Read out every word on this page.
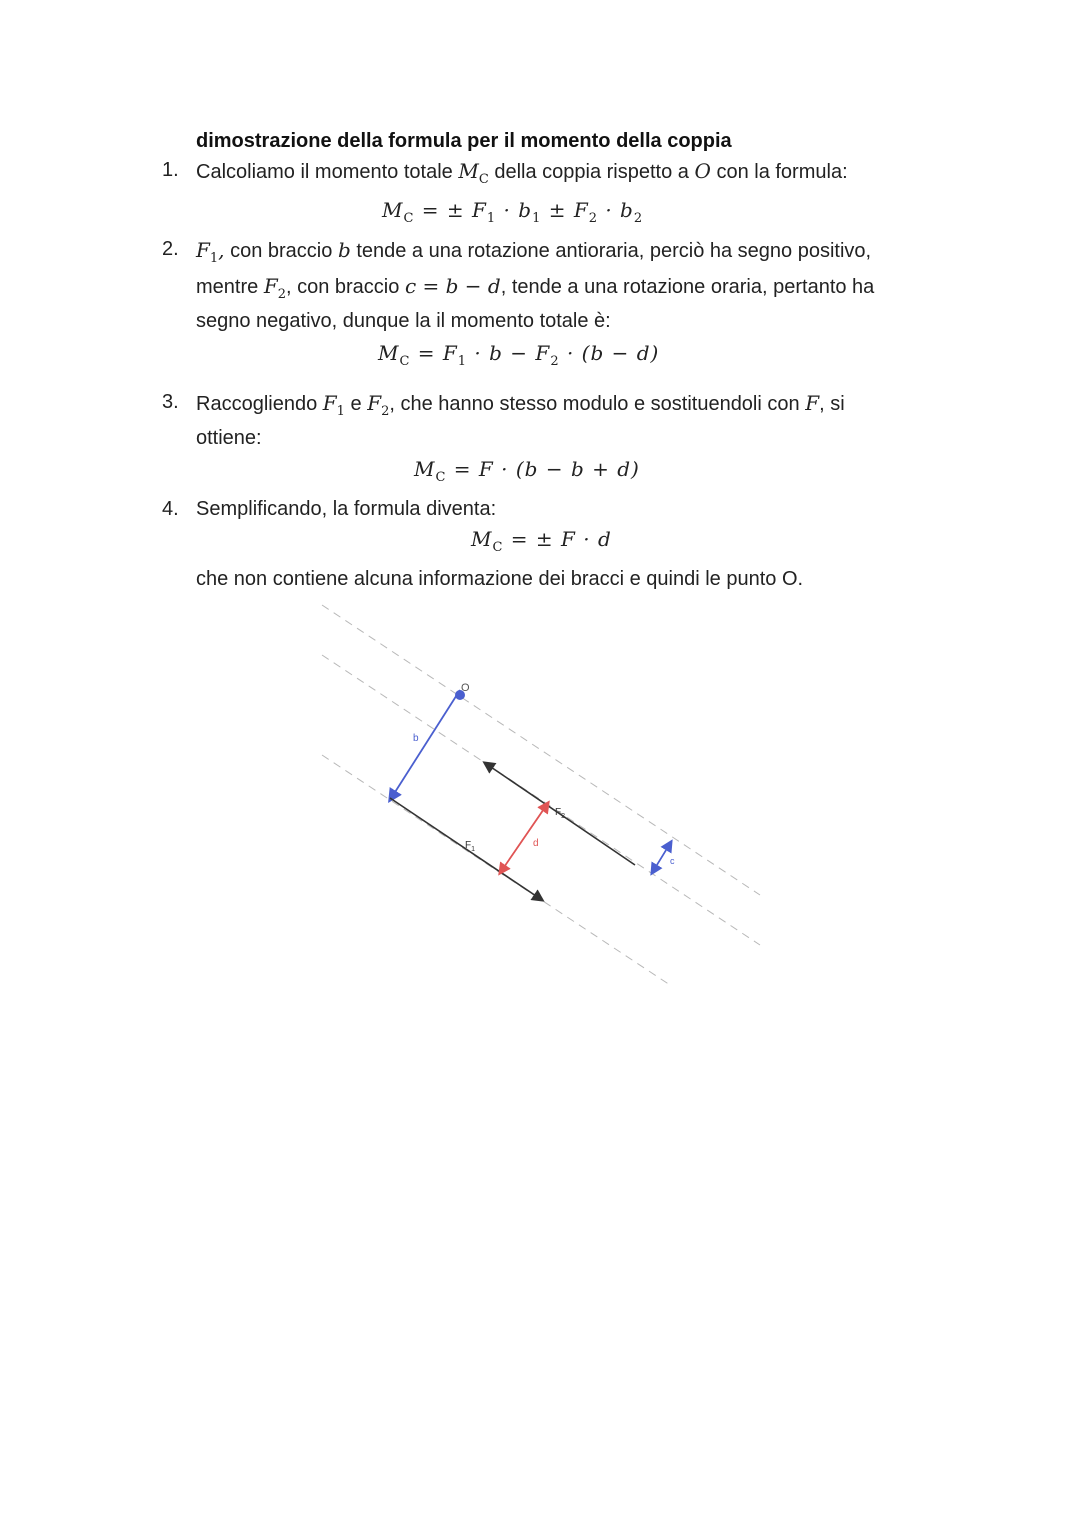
dimostrazione della formula per il momento della coppia
1. Calcoliamo il momento totale $M_C$ della coppia rispetto a O con la formula:
$M_C$ = ± $F_1 \cdot b_1 \pm F_2 \cdot b_2$
2. $F_1$, con braccio b tende a una rotazione antioraria, perciò ha segno positivo,
mentre $F_2$, con braccio c = b − d, tende a una rotazione oraria, pertanto ha
segno negativo, dunque la il momento totale è:
$M_C = F_1 \cdot b - F_2 \cdot (b - d)$
3. Raccogliendo $F_1$ e $F_2$, che hanno stesso modulo e sostituendoli con F, si
ottiene:
$M_C = F \cdot (b - b + d)$
4. Semplificando, la formula diventa:
$M_C$ = ± F · d
che non contiene alcuna informazione dei bracci e quindi le punto O.
O
b
$F_1$
$F_2$
d
c
